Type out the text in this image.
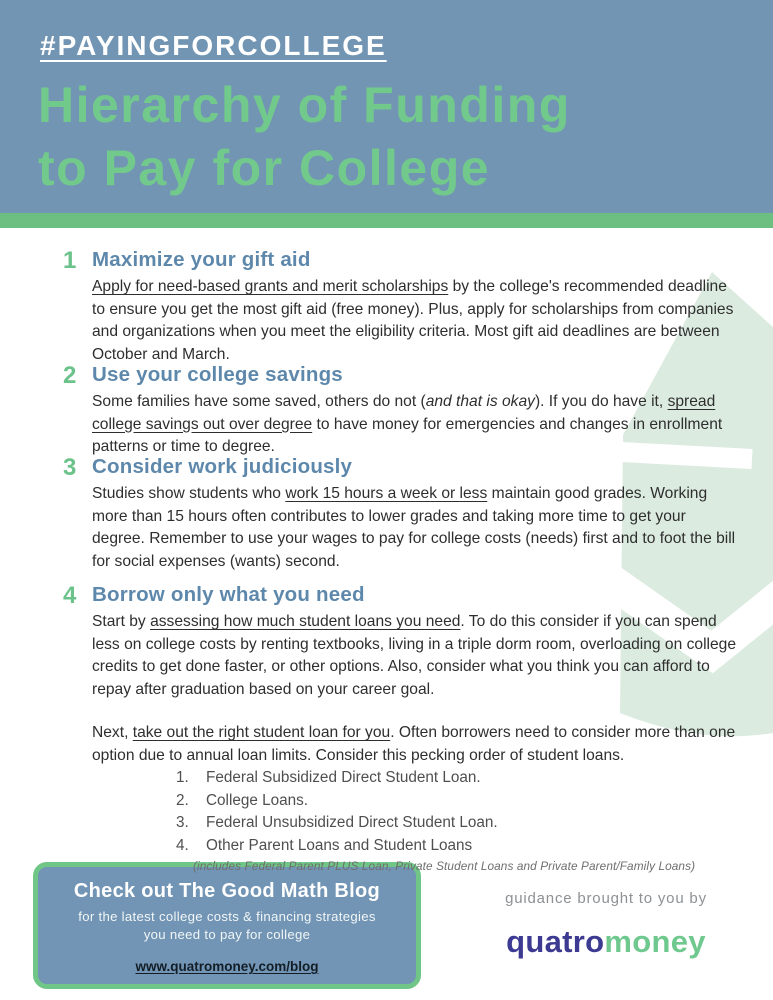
#PAYINGFORCOLLEGE
Hierarchy of Funding
to Pay for College
1 Maximize your gift aid

Apply for need-based grants and merit scholarships by the college's recommended deadline to ensure you get the most gift aid (free money). Plus, apply for scholarships from companies and organizations when you meet the eligibility criteria. Most gift aid deadlines are between October and March.

2 Use your college savings

Some families have some saved, others do not (and that is okay). If you do have it, spread college savings out over degree to have money for emergencies and changes in enrollment patterns or time to degree.

3 Consider work judiciously

Studies show students who work 15 hours a week or less maintain good grades. Working more than 15 hours often contributes to lower grades and taking more time to get your degree. Remember to use your wages to pay for college costs (needs) first and to foot the bill for social expenses (wants) second.

4 Borrow only what you need

Start by assessing how much student loans you need. To do this consider if you can spend less on college costs by renting textbooks, living in a triple dorm room, overloading on college credits to get done faster, or other options. Also, consider what you think you can afford to repay after graduation based on your career goal.

Next, take out the right student loan for you. Often borrowers need to consider more than one option due to annual loan limits. Consider this pecking order of student loans.

1.	Federal Subsidized Direct Student Loan.
2.	College Loans.
3.	Federal Unsubsidized Direct Student Loan.
4.	Other Parent Loans and Student Loans
(includes Federal Parent PLUS Loan, Private Student Loans and Private Parent/Family Loans)
Check out The Good Math Blog
for the latest college costs & financing strategies
you need to pay for college
www.quatromoney.com/blog
guidance brought to you by
quatromoney
